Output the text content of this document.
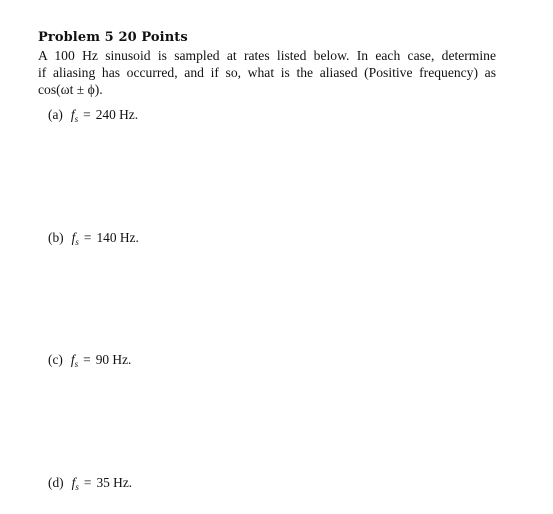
Problem 5 20 Points
A 100 Hz sinusoid is sampled at rates listed below. In each case, determine
if aliasing has occurred, and if so, what is the aliased (Positive frequency) as
cos(ωt ± ϕ).
(a) $f_s = 240$ Hz.
(b) $f_s = 140$ Hz.
(c) $f_s = 90$ Hz.
(d) $f_s = 35$ Hz.
